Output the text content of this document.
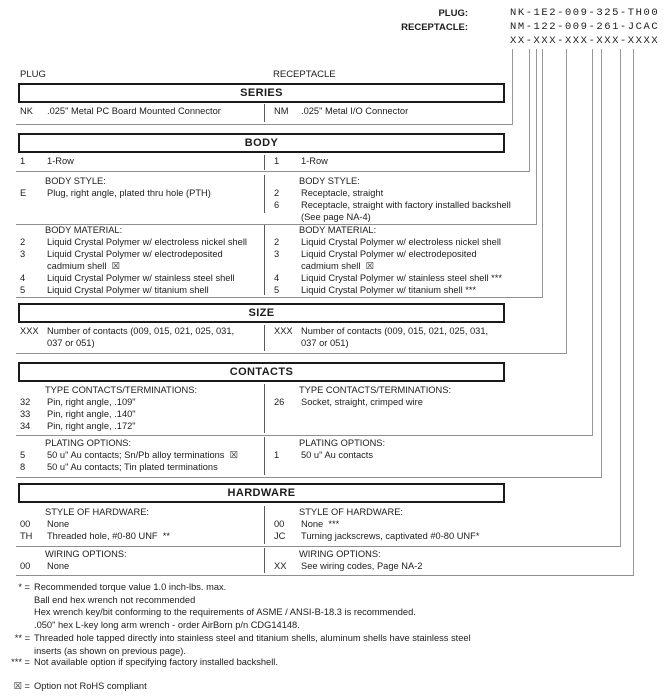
PLUG:	NK-1E2-009-325-TH00
RECEPTACLE:	NM-122-009-261-JCAC
XX-XXX-XXX-XXX-XXXX
PLUG	RECEPTACLE
SERIES
BODY
SIZE
CONTACTS
HARDWARE
NK	.025" Metal PC Board Mounted Connector	NM	.025" Metal I/O Connector
1	1-Row	1	1-Row
BODY STYLE:
E	Plug, right angle, plated thru hole (PTH)
BODY STYLE:
2	Receptacle, straight
6	Receptacle, straight with factory installed backshell
(See page NA-4)
BODY MATERIAL:
2	Liquid Crystal Polymer w/ electroless nickel shell
3	Liquid Crystal Polymer w/ electrodeposited
cadmium shell  ☒
4	Liquid Crystal Polymer w/ stainless steel shell
5	Liquid Crystal Polymer w/ titanium shell
BODY MATERIAL:
2	Liquid Crystal Polymer w/ electroless nickel shell
3	Liquid Crystal Polymer w/ electrodeposited
cadmium shell  ☒
4	Liquid Crystal Polymer w/ stainless steel shell ***
5	Liquid Crystal Polymer w/ titanium shell ***
XXX Number of contacts (009, 015, 021, 025, 031,
037 or 051)
XXX Number of contacts (009, 015, 021, 025, 031,
037 or 051)
TYPE CONTACTS/TERMINATIONS:
32	Pin, right angle, .109"
33	Pin, right angle, .140"
34	Pin, right angle, .172"
TYPE CONTACTS/TERMINATIONS:
26	Socket, straight, crimped wire
PLATING OPTIONS:
5	50 u" Au contacts; Sn/Pb alloy terminations  ☒
8	50 u" Au contacts; Tin plated terminations
PLATING OPTIONS:
1	50 u" Au contacts
STYLE OF HARDWARE:
00	None
TH	Threaded hole, #0-80 UNF  **
STYLE OF HARDWARE:
00	None  ***
JC	Turning jackscrews, captivated #0-80 UNF*
WIRING OPTIONS:
00	None
WIRING OPTIONS:
XX	See wiring codes, Page NA-2
* = Recommended torque value 1.0 inch-lbs. max.
Ball end hex wrench not recommended
Hex wrench key/bit conforming to the requirements of ASME / ANSI-B-18.3 is recommended.
.050" hex L-key long arm wrench - order AirBorn p/n CDG14148.
** = Threaded hole tapped directly into stainless steel and titanium shells, aluminum shells have stainless steel
inserts (as shown on previous page).
*** = Not available option if specifying factory installed backshell.
☒ = Option not RoHS compliant
